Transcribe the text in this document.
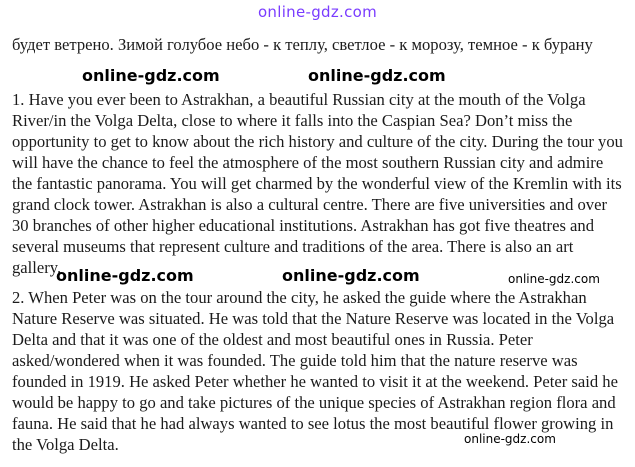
online-gdz.com

будет ветрено. Зимой голубое небо - к теплу, светлое - к морозу, темное - к бурану

1. Have you ever been to Astrakhan, a beautiful Russian city at the mouth of the Volga River/in the Volga Delta, close to where it falls into the Caspian Sea? Don’t miss the opportunity to get to know about the rich history and culture of the city. During the tour you will have the chance to feel the atmosphere of the most southern Russian city and admire the fantastic panorama. You will get charmed by the wonderful view of the Kremlin with its grand clock tower. Astrakhan is also a cultural centre. There are five universities and over 30 branches of other higher educational institutions. Astrakhan has got five theatres and several museums that represent culture and traditions of the area. There is also an art gallery.

2. When Peter was on the tour around the city, he asked the guide where the Astrakhan Nature Reserve was situated. He was told that the Nature Reserve was located in the Volga Delta and that it was one of the oldest and most beautiful ones in Russia. Peter asked/wondered when it was founded. The guide told him that the nature reserve was founded in 1919. He asked Peter whether he wanted to visit it at the weekend. Peter said he would be happy to go and take pictures of the unique species of Astrakhan region flora and fauna. He said that he had always wanted to see lotus the most beautiful flower growing in the Volga Delta.

online-gdz.com	online-gdz.com
online-gdz.com	online-gdz.com	online-gdz.com
online-gdz.com
